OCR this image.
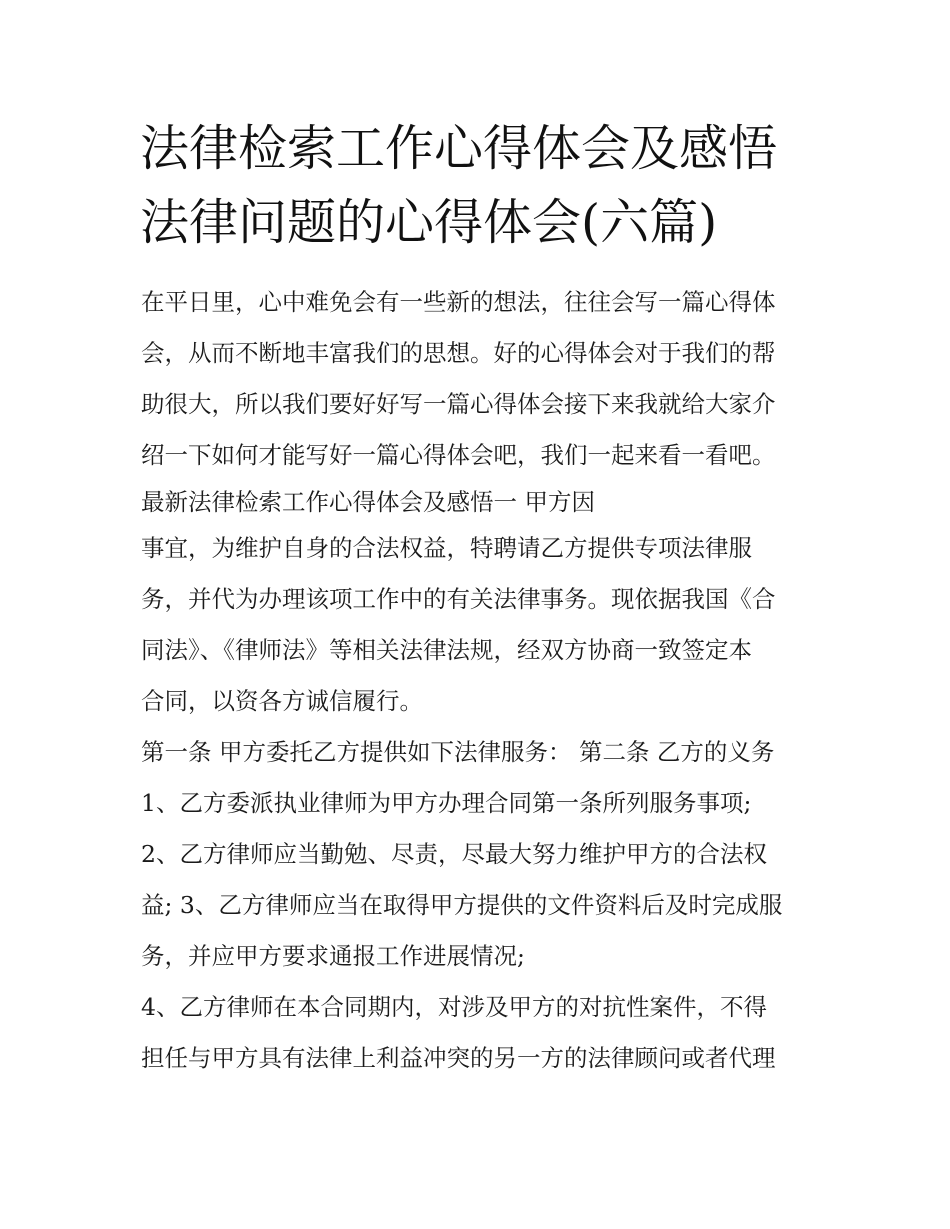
法律检索工作心得体会及感悟
法律问题的心得体会(六篇)
在平日里，心中难免会有一些新的想法，往往会写一篇心得体
会，从而不断地丰富我们的思想。好的心得体会对于我们的帮
助很大，所以我们要好好写一篇心得体会接下来我就给大家介
绍一下如何才能写好一篇心得体会吧，我们一起来看一看吧。
最新法律检索工作心得体会及感悟一 甲方因
事宜，为维护自身的合法权益，特聘请乙方提供专项法律服
务，并代为办理该项工作中的有关法律事务。现依据我国《合
同法》、《律师法》等相关法律法规，经双方协商一致签定本
合同，以资各方诚信履行。
第一条 甲方委托乙方提供如下法律服务： 第二条 乙方的义务
1、乙方委派执业律师为甲方办理合同第一条所列服务事项;
2、乙方律师应当勤勉、尽责，尽最大努力维护甲方的合法权
益; 3、乙方律师应当在取得甲方提供的文件资料后及时完成服
务，并应甲方要求通报工作进展情况;
4、乙方律师在本合同期内，对涉及甲方的对抗性案件，不得
担任与甲方具有法律上利益冲突的另一方的法律顾问或者代理
